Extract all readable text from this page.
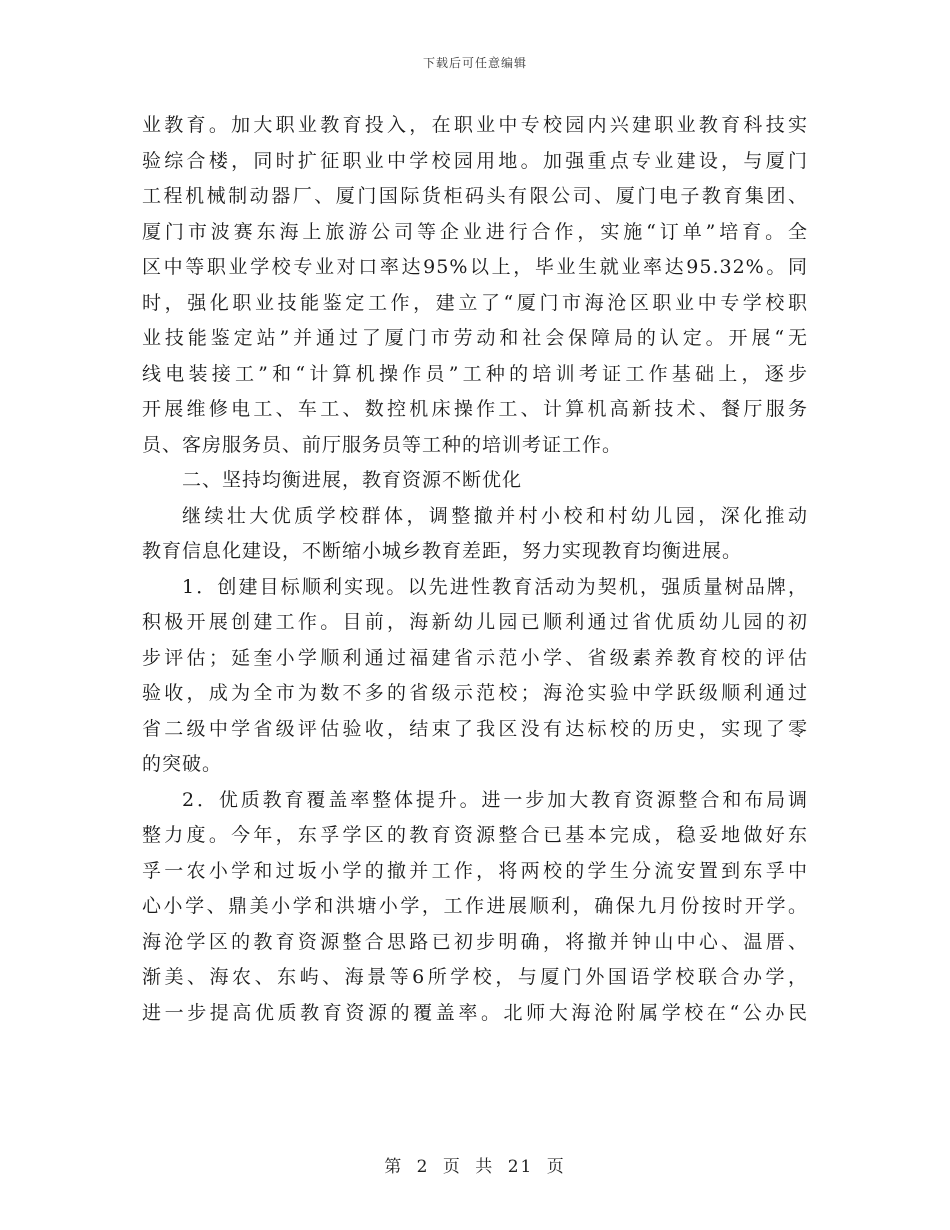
下载后可任意编辑
业教育。加大职业教育投入，在职业中专校园内兴建职业教育科技实
验综合楼，同时扩征职业中学校园用地。加强重点专业建设，与厦门
工程机械制动器厂、厦门国际货柜码头有限公司、厦门电子教育集团、
厦门市波赛东海上旅游公司等企业进行合作，实施“订单”培育。全
区中等职业学校专业对口率达95%以上，毕业生就业率达95.32%。同
时，强化职业技能鉴定工作，建立了“厦门市海沧区职业中专学校职
业技能鉴定站”并通过了厦门市劳动和社会保障局的认定。开展“无
线电装接工”和“计算机操作员”工种的培训考证工作基础上，逐步
开展维修电工、车工、数控机床操作工、计算机高新技术、餐厅服务
员、客房服务员、前厅服务员等工种的培训考证工作。
二、坚持均衡进展，教育资源不断优化
继续壮大优质学校群体，调整撤并村小校和村幼儿园，深化推动
教育信息化建设，不断缩小城乡教育差距，努力实现教育均衡进展。
1．创建目标顺利实现。以先进性教育活动为契机，强质量树品牌，
积极开展创建工作。目前，海新幼儿园已顺利通过省优质幼儿园的初
步评估；延奎小学顺利通过福建省示范小学、省级素养教育校的评估
验收，成为全市为数不多的省级示范校；海沧实验中学跃级顺利通过
省二级中学省级评估验收，结束了我区没有达标校的历史，实现了零
的突破。
2．优质教育覆盖率整体提升。进一步加大教育资源整合和布局调
整力度。今年，东孚学区的教育资源整合已基本完成，稳妥地做好东
孚一农小学和过坂小学的撤并工作，将两校的学生分流安置到东孚中
心小学、鼎美小学和洪塘小学，工作进展顺利，确保九月份按时开学。
海沧学区的教育资源整合思路已初步明确，将撤并钟山中心、温厝、
渐美、海农、东屿、海景等6所学校，与厦门外国语学校联合办学，
进一步提高优质教育资源的覆盖率。北师大海沧附属学校在“公办民
第 2 页 共 21 页
